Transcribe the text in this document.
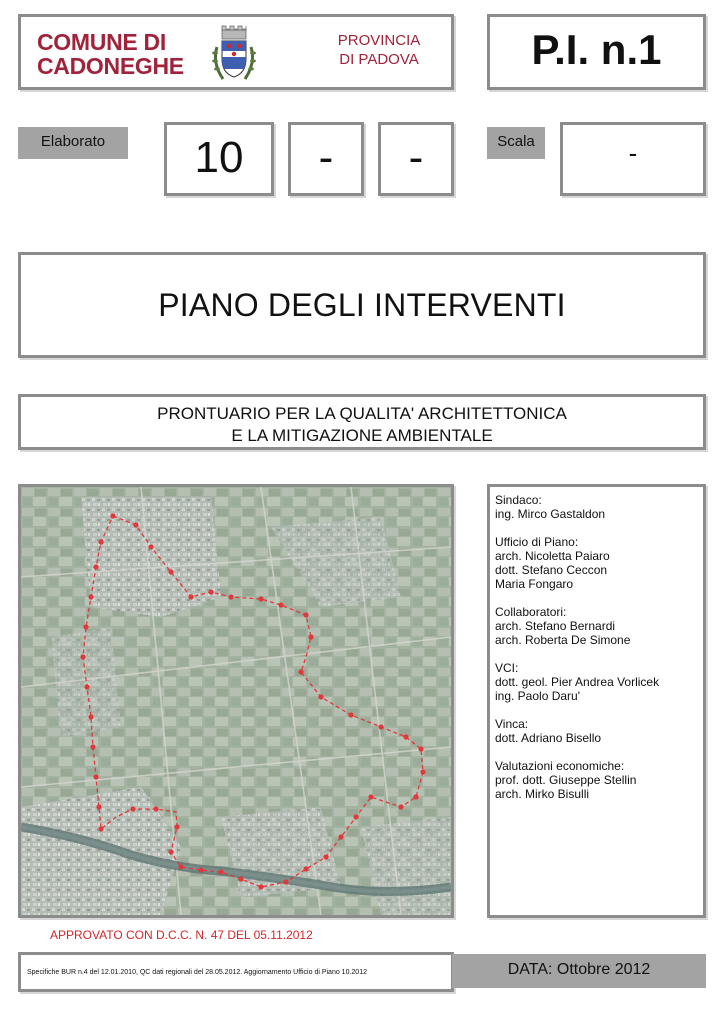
COMUNE DI
CADONEGHE
PROVINCIA
DI PADOVA	P.I. n.1
Elaborato	10	-	-	Scala	-
PIANO DEGLI INTERVENTI
PRONTUARIO PER LA QUALITA' ARCHITETTONICA
E LA MITIGAZIONE AMBIENTALE
Sindaco:
ing. Mirco Gastaldon
Ufficio di Piano:
arch. Nicoletta Paiaro
dott. Stefano Ceccon
Maria Fongaro
Collaboratori:
arch. Stefano Bernardi
arch. Roberta De Simone
VCI:
dott. geol. Pier Andrea Vorlicek
ing. Paolo Daru'
Vinca:
dott. Adriano Bisello
Valutazioni economiche:
prof. dott. Giuseppe Stellin
arch. Mirko Bisulli
APPROVATO CON D.C.C. N. 47 DEL 05.11.2012
Specifiche BUR n.4 del 12.01.2010, QC dati regionali del 28.05.2012. Aggiornamento Ufficio di Piano 10.2012	DATA: Ottobre 2012
